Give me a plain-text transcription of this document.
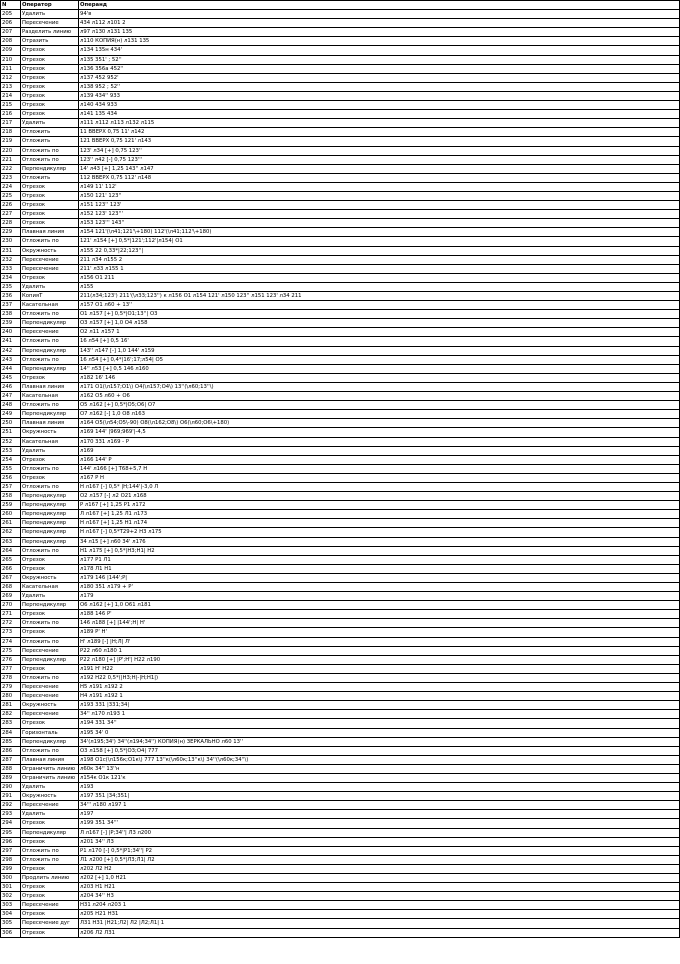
N	Оператор	Операнд
205	Удалить	94'в
206	Пересечение	434 л112 л101 2
207	Разделить линию	л97 л130 л131 135
208	Отразить	л110 КОПИЯ(н) л131 135
209	Отрезок	л134 135н 434'
210	Отрезок	л135 351' ; 52''
211	Отрезок	л136 356а 452''
212	Отрезок	л137 452 952'
213	Отрезок	л138 952 ; 52''
214	Отрезок	л139 434'' 933
215	Отрезок	л140 434 933
216	Отрезок	л141 135 434
217	Удалить	л111 л112 л113 л132 л115
218	Отложить	11 ВВЕРХ 0,75 11' л142
219	Отложить	121 ВВЕРХ 0,75 121' л143
220	Отложить по	123' л34 [+] 0,75 123''
221	Отложить по	123'' л42 [-] 0,75 123'''
222	Перпендикуляр	14' л43 [+] 1,25 143'' л147
223	Отложить	112 ВВЕРХ 0,75 112' л148
224	Отрезок	л149 11' 112'
225	Отрезок	л150 121' 123''
226	Отрезок	л151 123'' 123'
227	Отрезок	л152 123' 123'''
228	Отрезок	л153 123''' 143''
229	Плавная линия	л154 121'(\л41;121'\+180) 112'(\л41;112'\+180)
230	Отложить по	121' л154 [+] 0,5*|121';112'|л154| О1
231	Окружность	л155 22 0,33*|22;123''|
232	Пересечение	211 л34 л155 2
233	Пересечение	211' л33 л155 1
234	Отрезок	л156 О1 211
235	Удалить	л155
236	КопияТ	211(л34;123') 211'(\л33;123'') к л156 О1 л154 121' л150 123'' л151 123' л34 211
237	Касательная	л157 О1 л60 + 13''
238	Отложить по	О1 л157 [+] 0,5*|О1;13''| О3
239	Перпендикуляр	О3 л157 [+] 1,0 О4 л158
240	Пересечение	О2 л11 л157 1
241	Отложить по	16 л54 [+] 0,5 16'
242	Перпендикуляр	143'' л147 [-] 1,0 144' л159
243	Отложить по	16 л54 [+] 0,4*|16';17;л54| О5
244	Перпендикуляр	14'' л53 [+] 0,5 146 л160
245	Отрезок	л182 16' 146
246	Плавная линия	л171 О1(\л157;О1\) О4(\л157;О4\) 13''(\л60;13''\)
247	Касательная	л162 О5 л60 + О6
248	Отложить по	О5 л162 [+] 0,5*|О5;О6| О7
249	Перпендикуляр	О7 л162 [-] 1,0 О8 л163
250	Плавная линия	л164 О5(\л54;О5\-90) О8(\л162;О8\) О6(\л60;О6\+180)
251	Окружность	л169 144' |969;969'|-4,5
252	Касательная	л170 331 л169 - Р
253	Удалить	л169
254	Отрезок	л166 144' Р
255	Отложить по	144' л166 [+] Т68+5,7 Н
256	Отрезок	л167 Р Н
257	Отложить по	Н л167 [-] 0,5* |Н;144'|-3,0 Л
258	Перпендикуляр	О2 л157 [-] л2 О21 л168
259	Перпендикуляр	Р л167 [+] 1,25 Р1 л172
260	Перпендикуляр	Л л167 [+] 1,25 Л1 л173
261	Перпендикуляр	Н л167 [+] 1,25 Н1 л174
262	Перпендикуляр	Н л167 [-] 0,5*Т29+2 Н3 л175
263	Перпендикуляр	34 л15 [+] л60 34' л176
264	Отложить по	Н1 л175 [+] 0,5*|Н3;Н1| Н2
265	Отрезок	л177 Р1 Л1
266	Отрезок	л178 Л1 Н1
267	Окружность	л179 146 |144';Р|
268	Касательная	л180 351 л179 + Р'
269	Удалить	л179
270	Перпендикуляр	О6 л162 [+] 1,0 О61 л181
271	Отрезок	л188 146 Р'
272	Отложить по	146 л188 [+] |144';Н| Н'
273	Отрезок	л189 Р' Н'
274	Отложить по	Н' л189 [-] |Н;Л| Л'
275	Пересечение	Р22 л60 л180 1
276	Перпендикуляр	Р22 л180 [+] |Р';Н'| Н22 л190
277	Отрезок	л191 Н' Н22
278	Отложить по	л192 Н22 0,5*(|Н3;Н|-|Н;Н1|)
279	Пересечение	Н5 л191 л192 2
280	Пересечение	Н4 л191 л192 1
281	Окружность	л193 331 |331;34|
282	Пересечение	34'' л170 л193 1
283	Отрезок	л194 331 34''
284	Горизонталь	л195 34' 0
285	Перпендикуляр	34'(л195;34') 34''(л194;34'') КОПИЯ(н) ЗЕРКАЛЬНО л60 13''
286	Отложить по	О3 л158 [+] 0,5*|О3;О4| 777
287	Плавная линия	л198 О1с(\л156к;О1к\) 777 13''к(\л60к;13''к\) 34''(\л60к;34''\)
288	Ограничить линию	л60к 34'' 13''н
289	Ограничить линию	л154к О1к 121'к
290	Удалить	л193
291	Окружность	л197 351 |34;351|
292	Пересечение	34''' л180 л197 1
293	Удалить	л197
294	Отрезок	л199 351 34'''
295	Перпендикуляр	Л л167 [-] |Р;34''| Л3 л200
296	Отрезок	л201 34'' Л3
297	Отложить по	Р1 л170 [-] 0,5*|Р1;34''| Р2
298	Отложить по	Л1 л200 [+] 0,5*|Л3;Л1| Л2
299	Отрезок	л202 Л2 Н2
300	Продлить линию	л202 [+] 1,0 Н21
301	Отрезок	л203 Н1 Н21
302	Отрезок	л204 34'' Н3
303	Пересечение	Н31 л204 л203 1
304	Отрезок	л205 Н21 Н31
305	Пересечение дуг	Л31 Н31 |Н21;Л2| Л2 |Л2;Л1| 1
306	Отрезок	л206 Л2 Л31
